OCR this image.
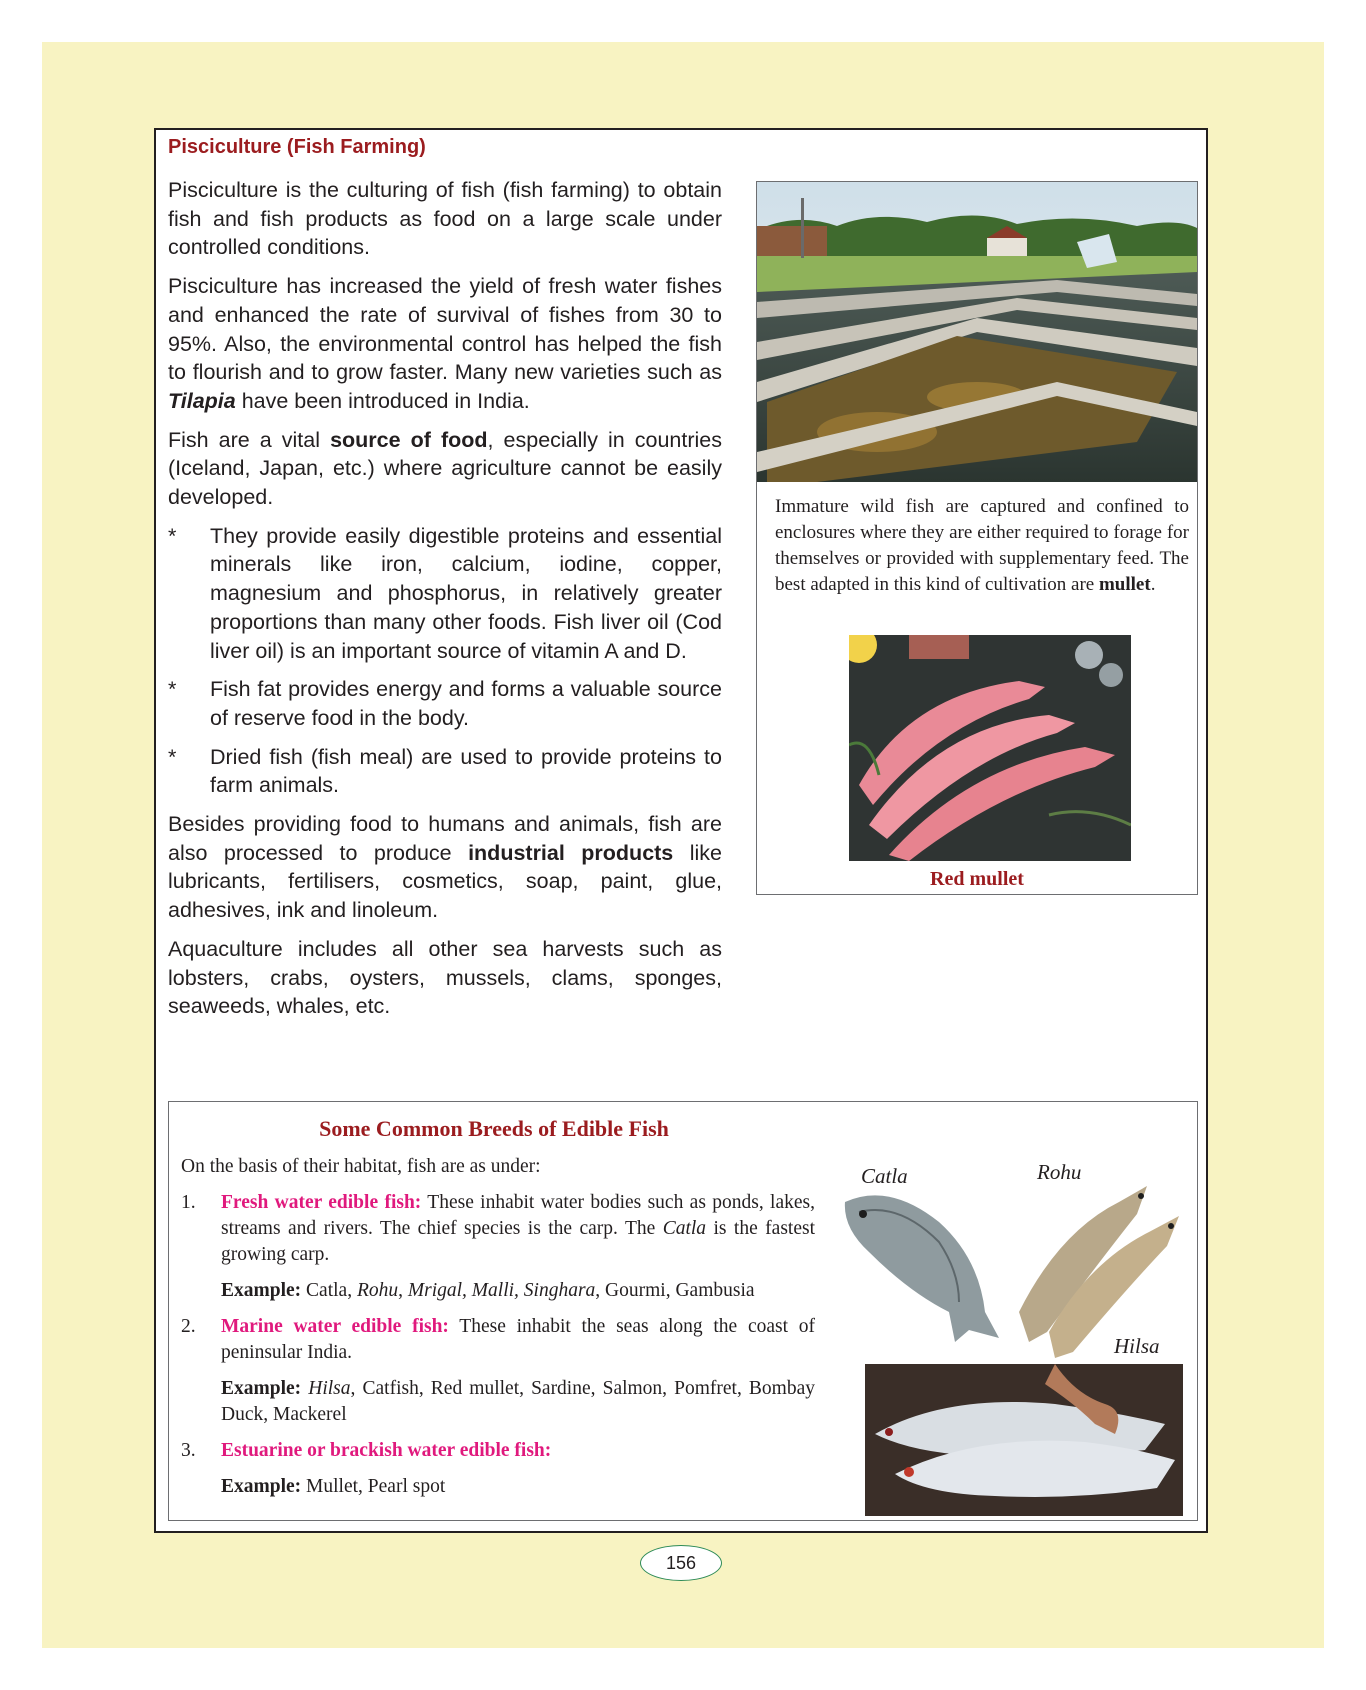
Pisciculture (Fish Farming)

Pisciculture is the culturing of fish (fish farming) to obtain fish and fish products as food on a large scale under controlled conditions.

Pisciculture has increased the yield of fresh water fishes and enhanced the rate of survival of fishes from 30 to 95%. Also, the environmental control has helped the fish to flourish and to grow faster. Many new varieties such as Tilapia have been introduced in India.

Fish are a vital source of food, especially in countries (Iceland, Japan, etc.) where agriculture cannot be easily developed.

*	They provide easily digestible proteins and essential minerals like iron, calcium, iodine, copper, magnesium and phosphorus, in relatively greater proportions than many other foods. Fish liver oil (Cod liver oil) is an important source of vitamin A and D.
*	Fish fat provides energy and forms a valuable source of reserve food in the body.
*	Dried fish (fish meal) are used to provide proteins to farm animals.

Besides providing food to humans and animals, fish are also processed to produce industrial products like lubricants, fertilisers, cosmetics, soap, paint, glue, adhesives, ink and linoleum.

Aquaculture includes all other sea harvests such as lobsters, crabs, oysters, mussels, clams, sponges, seaweeds, whales, etc.

Immature wild fish are captured and confined to enclosures where they are either required to forage for themselves or provided with supplementary feed. The best adapted in this kind of cultivation are mullet.
Red mullet
Some Common Breeds of Edible Fish

On the basis of their habitat, fish are as under:

1.	Fresh water edible fish: These inhabit water bodies such as ponds, lakes, streams and rivers. The chief species is the carp. The Catla is the fastest growing carp.

Example: Catla, Rohu, Mrigal, Malli, Singhara, Gourmi, Gambusia

2.	Marine water edible fish: These inhabit the seas along the coast of peninsular India.

Example: Hilsa, Catfish, Red mullet, Sardine, Salmon, Pomfret, Bombay Duck, Mackerel

3.	Estuarine or brackish water edible fish:

Example: Mullet, Pearl spot

Catla	Rohu
Hilsa
156
